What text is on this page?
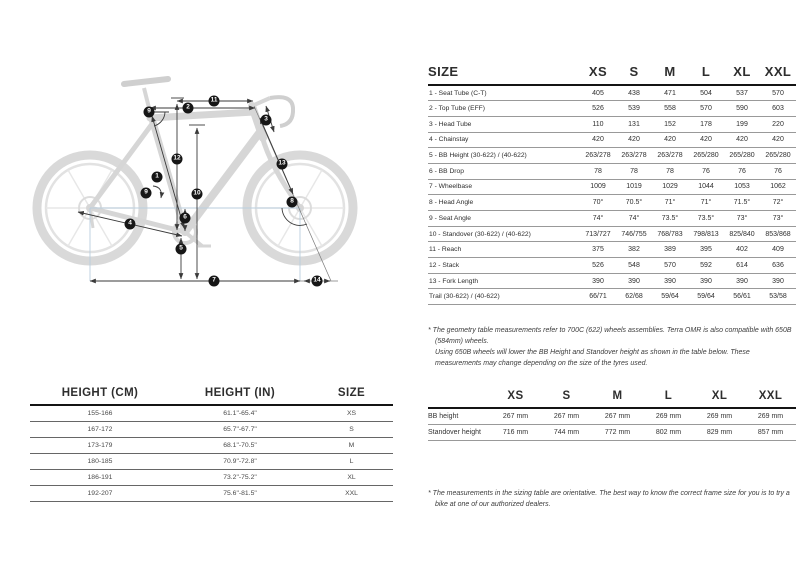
11
2
9
3
12
13
1
9	10
8
6
4
5
7	14
SIZE	XS	S	M	L	XL	XXL
1 - Seat Tube (C-T)	405	438	471	504	537	570
2 - Top Tube (EFF)	526	539	558	570	590	603
3 - Head Tube	110	131	152	178	199	220
4 - Chainstay	420	420	420	420	420	420
5 - BB Height (30-622) / (40-622)	263/278	263/278	263/278	265/280	265/280	265/280
6 - BB Drop	78	78	78	76	76	76
7 - Wheelbase	1009	1019	1029	1044	1053	1062
8 - Head Angle	70°	70.5°	71°	71°	71.5°	72°
9 - Seat Angle	74°	74°	73.5°	73.5°	73°	73°
10 - Standover (30-622) / (40-622)	713/727	746/755	768/783	798/813	825/840	853/868
11 - Reach	375	382	389	395	402	409
12 - Stack	526	548	570	592	614	636
13 - Fork Length	390	390	390	390	390	390
Trail (30-622) / (40-622)	66/71	62/68	59/64	59/64	56/61	53/58

* The geometry table measurements refer to 700C (622) wheels assemblies. Terra OMR is also compatible with 650B (584mm) wheels.

Using 650B wheels will lower the BB Height and Standover height as shown in the table below. These measurements may change depending on the size of the tyres used.

HEIGHT (CM)	HEIGHT (IN)	SIZE
155-166	61.1"-65.4"	XS
167-172	65.7"-67.7"	S
173-179	68.1"-70.5"	M
180-185	70.9"-72.8"	L
186-191	73.2"-75.2"	XL
192-207	75.6"-81.5"	XXL
	XS	S	M	L	XL	XXL
BB height	267 mm	267 mm	267 mm	269 mm	269 mm	269 mm
Standover height	716 mm	744 mm	772 mm	802 mm	829 mm	857 mm

* The measurements in the sizing table are orientative. The best way to know the correct frame size for you is to try a bike at one of our authorized dealers.
